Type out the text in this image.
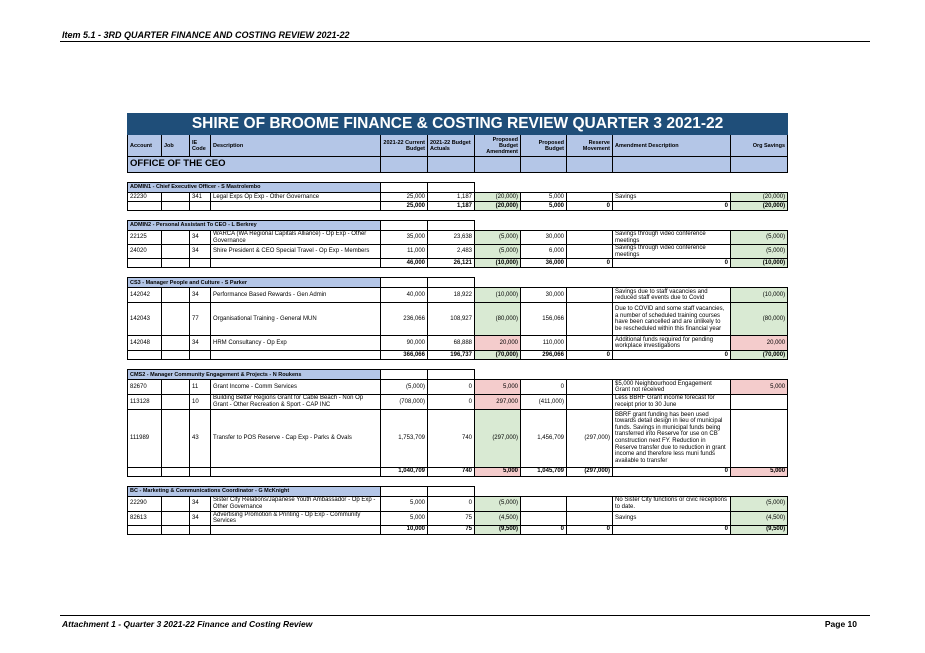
Item 5.1 - 3RD QUARTER FINANCE AND COSTING REVIEW 2021-22
SHIRE OF BROOME FINANCE & COSTING REVIEW QUARTER 3 2021-22										
Account	Job	IE Code	Description	2021-22 Current Budget	2021-22 Budget Actuals	Proposed Budget Amendment	Proposed Budget	Reserve Movement	Amendment Description	Org Savings
OFFICE OF THE CEO										

ADMIN1 - Chief Executive Officer - S Mastrolembo										
22230		341	Legal Exps Op Exp - Other Governance	25,000	1,187	(20,000)	5,000		Savings	(20,000)
				25,000	1,187	(20,000)	5,000	0	0	(20,000)

ADMIN2 - Personal Assistant To CEO - L Berkrey										
22125		34	WARCA (WA Regional Capitals Alliance) - Op Exp - Other Governance	35,000	23,638	(5,000)	30,000		Savings through video conference meetings	(5,000)
24020		34	Shire President & CEO Special Travel - Op Exp - Members	11,000	2,483	(5,000)	6,000		Savings through video conference meetings	(5,000)
				46,000	26,121	(10,000)	36,000	0	0	(10,000)

CS3 - Manager People and Culture - S Parker										
142042		34	Performance Based Rewards - Gen Admin	40,000	18,922	(10,000)	30,000		Savings due to staff vacancies and reduced staff events due to Covid	(10,000)
142043		77	Organisational Training - General MUN	236,066	108,927	(80,000)	156,066		Due to COVID and some staff vacancies, a number of scheduled training courses have been cancelled and are unlikely to be rescheduled within this financial year	(80,000)
142048		34	HRM Consultancy - Op Exp	90,000	68,888	20,000	110,000		Additional funds required for pending workplace investigations	20,000
				366,066	196,737	(70,000)	296,066	0	0	(70,000)

CMS2 - Manager Community Engagement & Projects - N Roukens										
82670		11	Grant Income - Comm Services	(5,000)	0	5,000	0		$5,000 Neighbourhood Engagement Grant not received	5,000
113128		10	Building Better Regions Grant for Cable Beach - Non Op Grant - Other Recreation & Sport - CAP INC	(708,000)	0	297,000	(411,000)		Less BBRF Grant income forecast for receipt prior to 30 June	
111989		43	Transfer to POS Reserve - Cap Exp - Parks & Ovals	1,753,709	740	(297,000)	1,456,709	(297,000)	BBRF grant funding has been used towards detail design in lieu of municipal funds. Savings in municipal funds being transferred into Reserve for use on CB construction next FY. Reduction in Reserve transfer due to reduction in grant income and therefore less muni funds available to transfer	
				1,040,709	740	5,000	1,045,709	(297,000)	0	5,000

BC - Marketing & Communications Coordinator - G McKnight										
22290		34	Sister City Relations/Japanese Youth Ambassador - Op Exp - Other Governance	5,000	0	(5,000)			No Sister City functions or civic receptions to date.	(5,000)
82613		34	Advertising Promotion & Printing - Op Exp - Community Services	5,000	75	(4,500)			Savings	(4,500)
				10,000	75	(9,500)	0	0	0	(9,500)
Attachment 1 - Quarter 3 2021-22 Finance and Costing Review	Page 10
